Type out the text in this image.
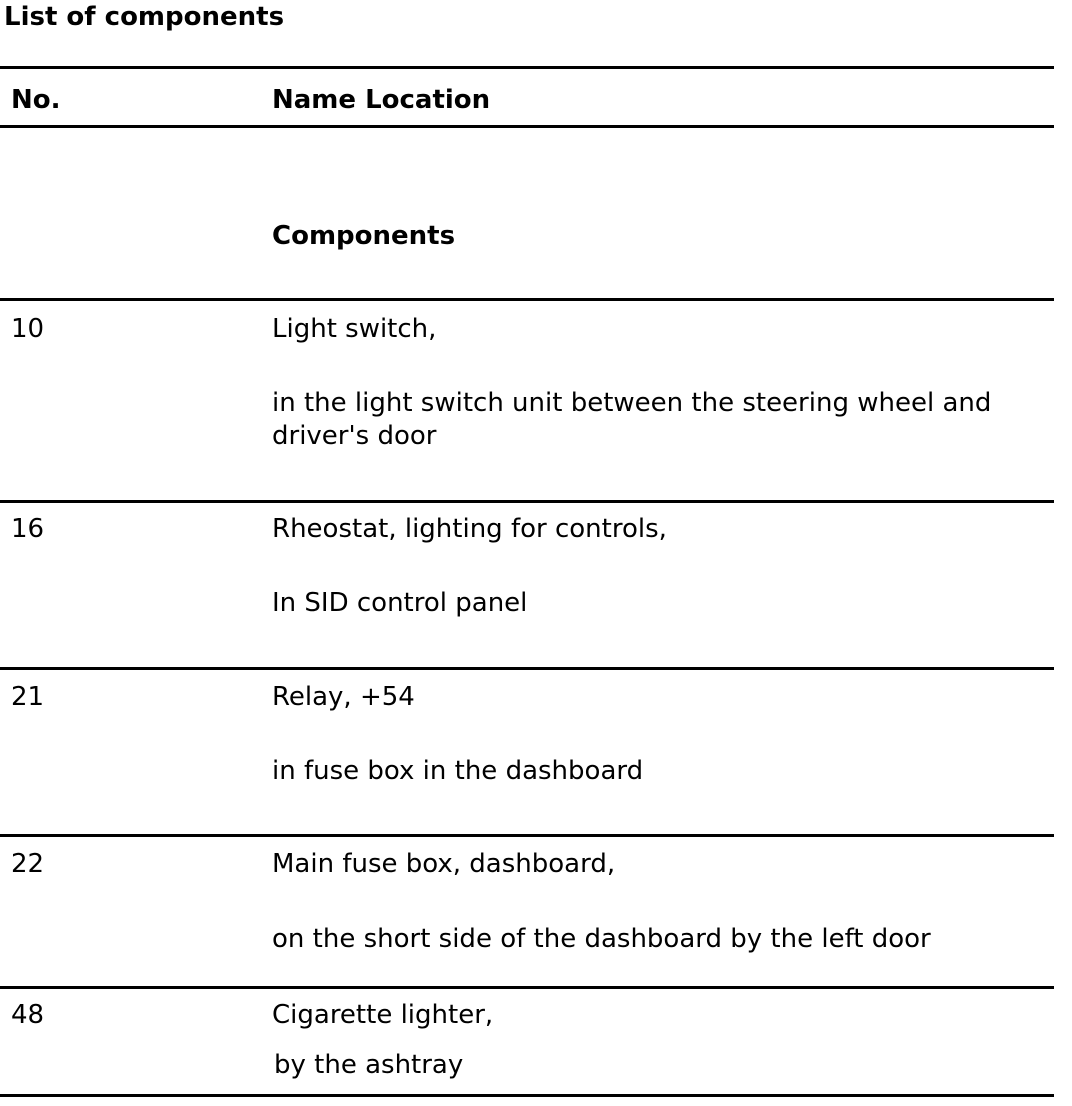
List of components
No.	Name Location
Components
10	Light switch,
in the light switch unit between the steering wheel and driver's door
16	Rheostat, lighting for controls,
In SID control panel
21	Relay, +54
in fuse box in the dashboard
22	Main fuse box, dashboard,
on the short side of the dashboard by the left door
48	Cigarette lighter,
by the ashtray
